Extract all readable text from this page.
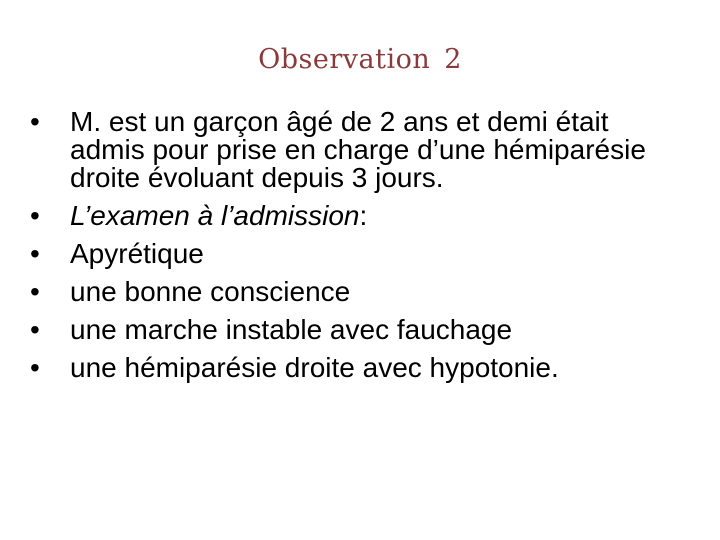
Observation 2
• M. est un garçon âgé de 2 ans et demi était admis pour prise en charge d’une hémiparésie droite évoluant depuis 3 jours.
• L’examen à l’admission:
• Apyrétique
• une bonne conscience
• une marche instable avec fauchage
• une hémiparésie droite avec hypotonie.
